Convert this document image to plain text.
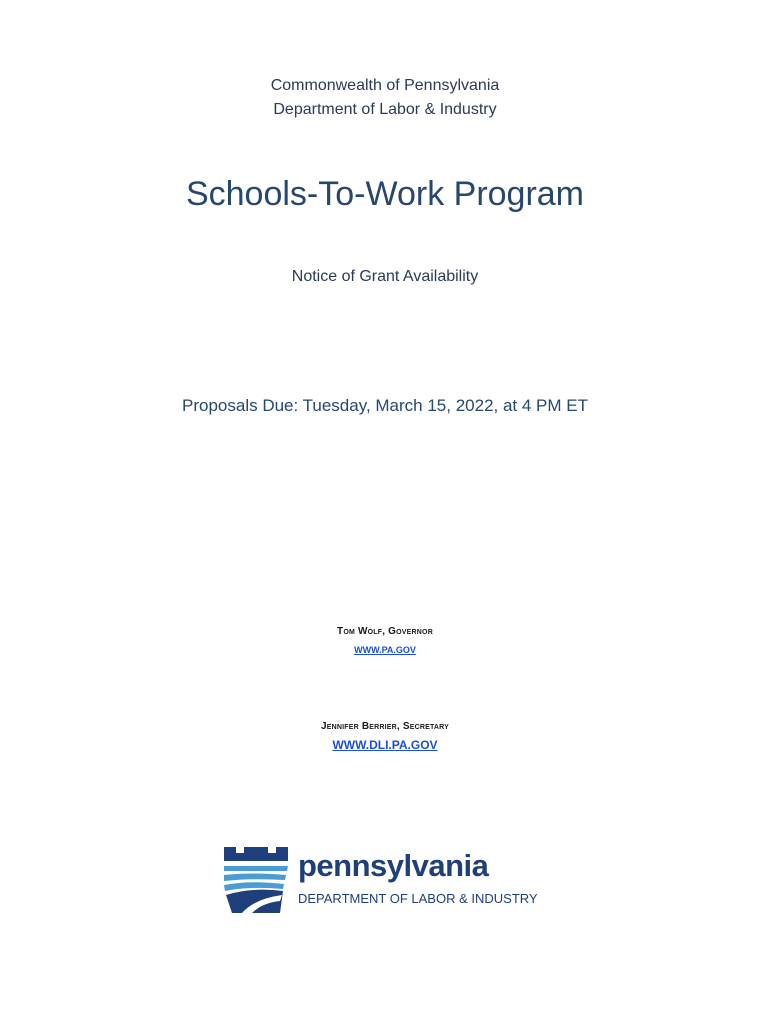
Commonwealth of Pennsylvania
Department of Labor & Industry
Schools-To-Work Program
Notice of Grant Availability
Proposals Due: Tuesday, March 15, 2022, at 4 PM ET
Tom Wolf, Governor
WWW.PA.GOV
Jennifer Berrier, Secretary
WWW.DLI.PA.GOV
pennsylvania
DEPARTMENT OF LABOR & INDUSTRY
